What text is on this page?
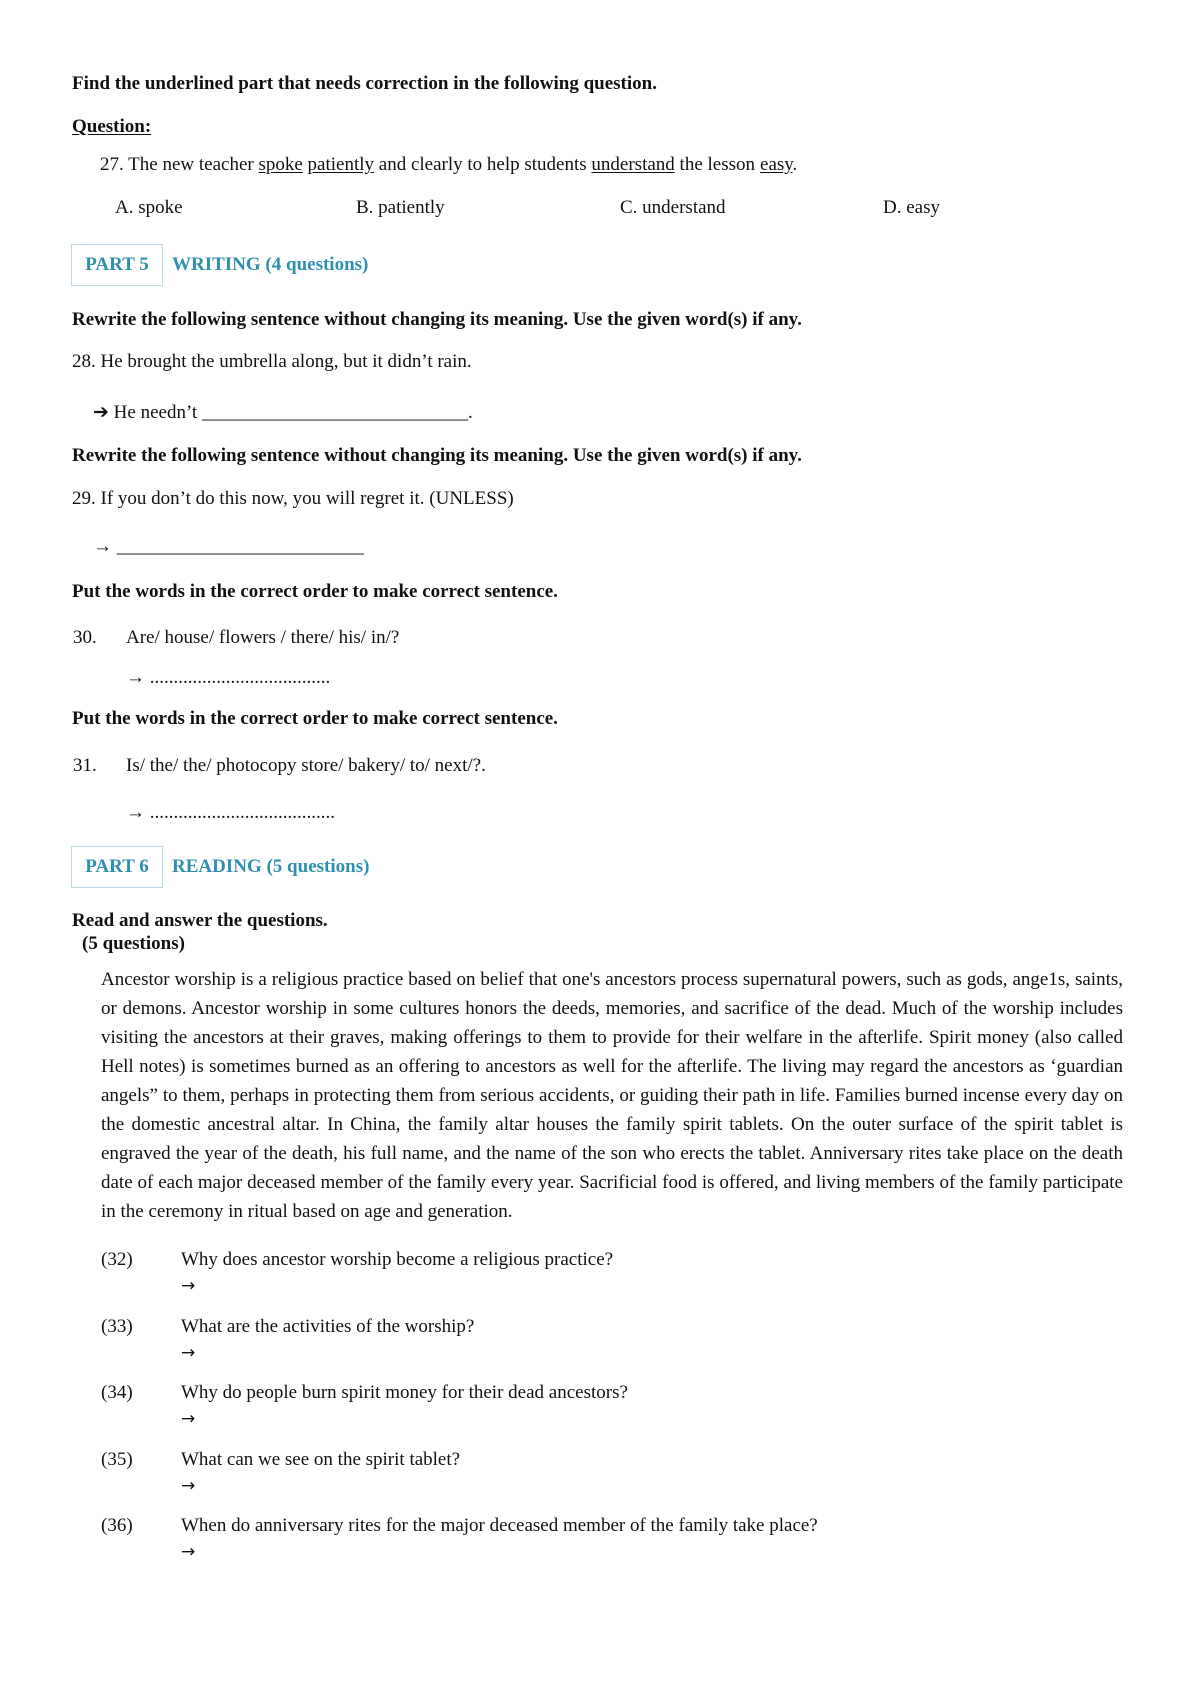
Find the underlined part that needs correction in the following question.
Question:
27. The new teacher spoke patiently and clearly to help students understand the lesson easy.
A. spoke	B. patiently	C. understand	D. easy
PART 5	WRITING (4 questions)
Rewrite the following sentence without changing its meaning. Use the given word(s) if any.
28. He brought the umbrella along, but it didn’t rain.
➔ He needn’t ____________________________.
Rewrite the following sentence without changing its meaning. Use the given word(s) if any.
29. If you don’t do this now, you will regret it. (UNLESS)
→ __________________________
Put the words in the correct order to make correct sentence.
30. Are/ house/ flowers / there/ his/ in/?
→ ......................................
Put the words in the correct order to make correct sentence.
31. Is/ the/ the/ photocopy store/ bakery/ to/ next/?.
→ .......................................
PART 6	READING (5 questions)
Read and answer the questions.
(5 questions)
Ancestor worship is a religious practice based on belief that one's ancestors process supernatural powers, such as gods, ange1s, saints, or demons. Ancestor worship in some cultures honors the deeds, memories, and sacrifice of the dead. Much of the worship includes visiting the ancestors at their graves, making offerings to them to provide for their welfare in the afterlife. Spirit money (also called Hell notes) is sometimes burned as an offering to ancestors as well for the afterlife. The living may regard the ancestors as ‘guardian angels” to them, perhaps in protecting them from serious accidents, or guiding their path in life. Families burned incense every day on the domestic ancestral altar. In China, the family altar houses the family spirit tablets. On the outer surface of the spirit tablet is engraved the year of the death, his full name, and the name of the son who erects the tablet. Anniversary rites take place on the death date of each major deceased member of the family every year. Sacrificial food is offered, and living members of the family participate in the ceremony in ritual based on age and generation.
(32)	Why does ancestor worship become a religious practice?
→
(33)	What are the activities of the worship?
→
(34)	Why do people burn spirit money for their dead ancestors?
→
(35)	What can we see on the spirit tablet?
→
(36)	When do anniversary rites for the major deceased member of the family take place?
→
